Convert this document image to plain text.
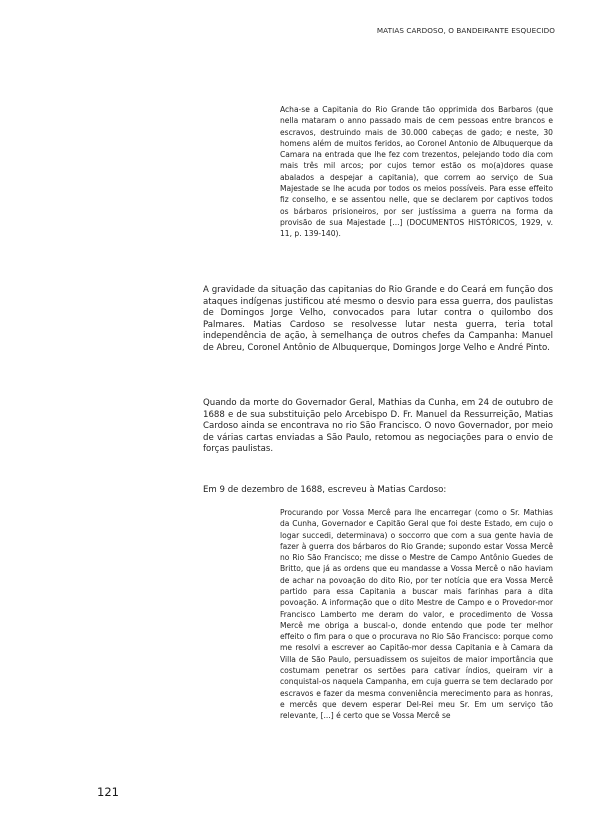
MATIAS CARDOSO, O BANDEIRANTE ESQUECIDO

Acha-se a Capitania do Rio Grande tão opprimida dos Barbaros (que nella mataram o anno passado mais de cem pessoas entre brancos e escravos, destruindo mais de 30.000 cabeças de gado; e neste, 30 homens além de muitos feridos, ao Coronel Antonio de Albuquerque da Camara na entrada que lhe fez com trezentos, pelejando todo dia com mais três mil arcos; por cujos temor estão os mo(a)dores quase abalados a despejar a capitania), que correm ao serviço de Sua Majestade se lhe acuda por todos os meios possíveis. Para esse effeito fiz conselho, e se assentou nelle, que se declarem por captivos todos os bárbaros prisioneiros, por ser justíssima a guerra na forma da provisão de sua Majestade [...] (DOCUMENTOS HISTÓRICOS, 1929, v. 11, p. 139-140).

A gravidade da situação das capitanias do Rio Grande e do Ceará em função dos ataques indígenas justificou até mesmo o desvio para essa guerra, dos paulistas de Domingos Jorge Velho, convocados para lutar contra o quilombo dos Palmares. Matias Cardoso se resolvesse lutar nesta guerra, teria total independência de ação, à semelhança de outros chefes da Campanha: Manuel de Abreu, Coronel Antônio de Albuquerque, Domingos Jorge Velho e André Pinto.

Quando da morte do Governador Geral, Mathias da Cunha, em 24 de outubro de 1688 e de sua substituição pelo Arcebispo D. Fr. Manuel da Ressurreição, Matias Cardoso ainda se encontrava no rio São Francisco. O novo Governador, por meio de várias cartas enviadas a São Paulo, retomou as negociações para o envio de forças paulistas.

Em 9 de dezembro de 1688, escreveu à Matias Cardoso:

Procurando por Vossa Mercê para lhe encarregar (como o Sr. Mathias da Cunha, Governador e Capitão Geral que foi deste Estado, em cujo o logar succedi, determinava) o soccorro que com a sua gente havia de fazer à guerra dos bárbaros do Rio Grande; supondo estar Vossa Mercê no Rio São Francisco; me disse o Mestre de Campo Antônio Guedes de Britto, que já as ordens que eu mandasse a Vossa Mercê o não haviam de achar na povoação do dito Rio, por ter notícia que era Vossa Mercê partido para essa Capitania a buscar mais farinhas para a dita povoação. A informação que o dito Mestre de Campo e o Provedor-mor Francisco Lamberto me deram do valor, e procedimento de Vossa Mercê me obriga a buscal-o, donde entendo que pode ter melhor effeito o fim para o que o procurava no Rio São Francisco: porque como me resolvi a escrever ao Capitão-mor dessa Capitania e à Camara da Villa de São Paulo, persuadissem os sujeitos de maior importância que costumam penetrar os sertões para cativar índios, queiram vir a conquistal-os naquela Campanha, em cuja guerra se tem declarado por escravos e fazer da mesma conveniência merecimento para as honras, e mercês que devem esperar Del-Rei meu Sr. Em um serviço tão relevante, [...] é certo que se Vossa Mercê se

121
